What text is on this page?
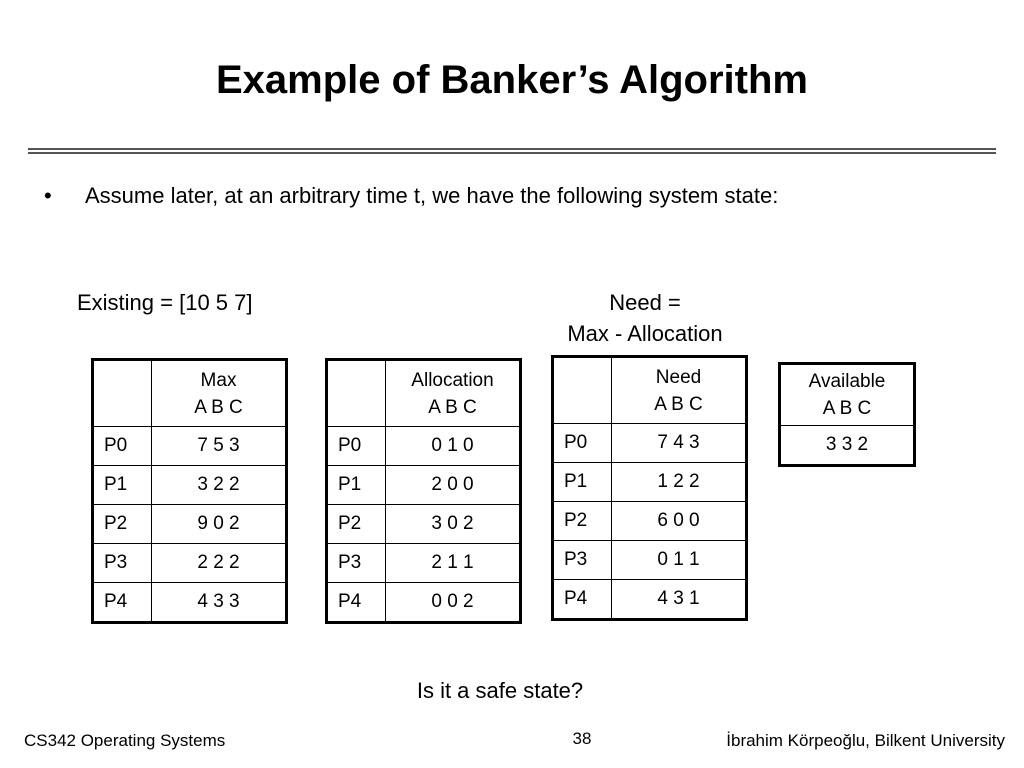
Example of Banker’s Algorithm
• Assume later, at an arbitrary time t, we have the following system state:
Existing = [10 5 7]	Need =
Max - Allocation

	Max
A B C

P0	7 5 3
P1	3 2 2
P2	9 0 2
P3	2 2 2
P4	4 3 3

	Allocation
A B C

P0	0 1 0
P1	2 0 0
P2	3 0 2
P3	2 1 1
P4	0 0 2

	Need
A B C

P0	7 4 3
P1	1 2 2
P2	6 0 0
P3	0 1 1
P4	4 3 1
Available
A B C

3 3 2
Is it a safe state?
CS342 Operating Systems	38	İbrahim Körpeoğlu, Bilkent University
